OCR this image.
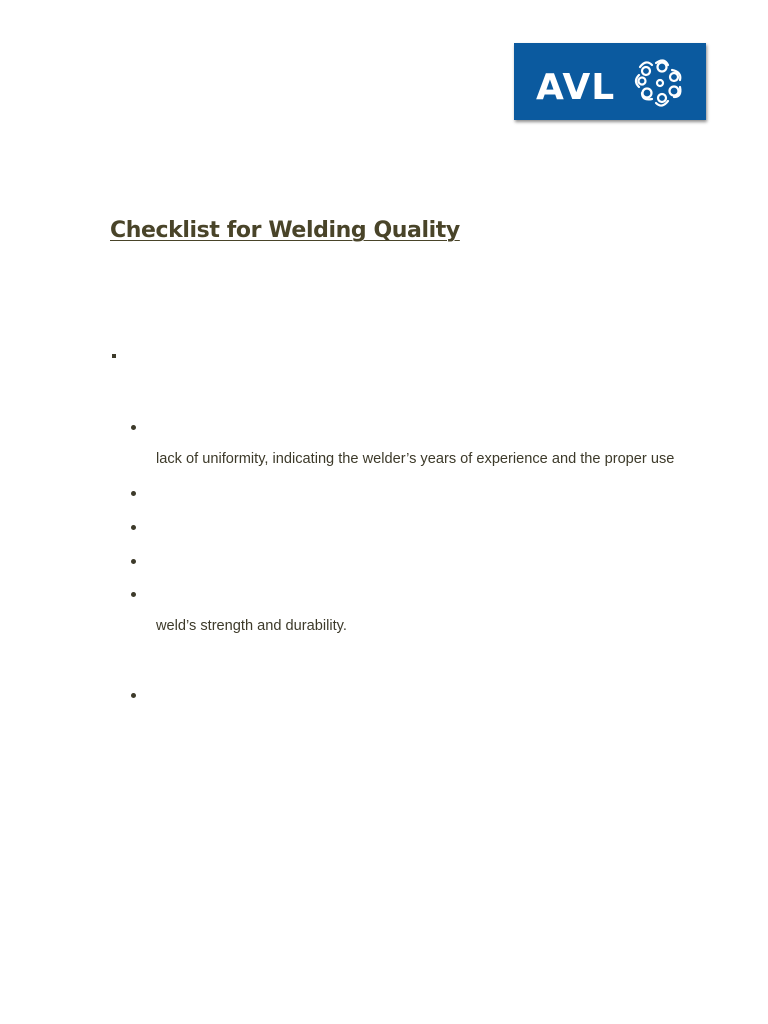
AVL
Checklist for Welding Quality

lack of uniformity, indicating the welder’s years of experience and the proper use

weld’s strength and durability.
